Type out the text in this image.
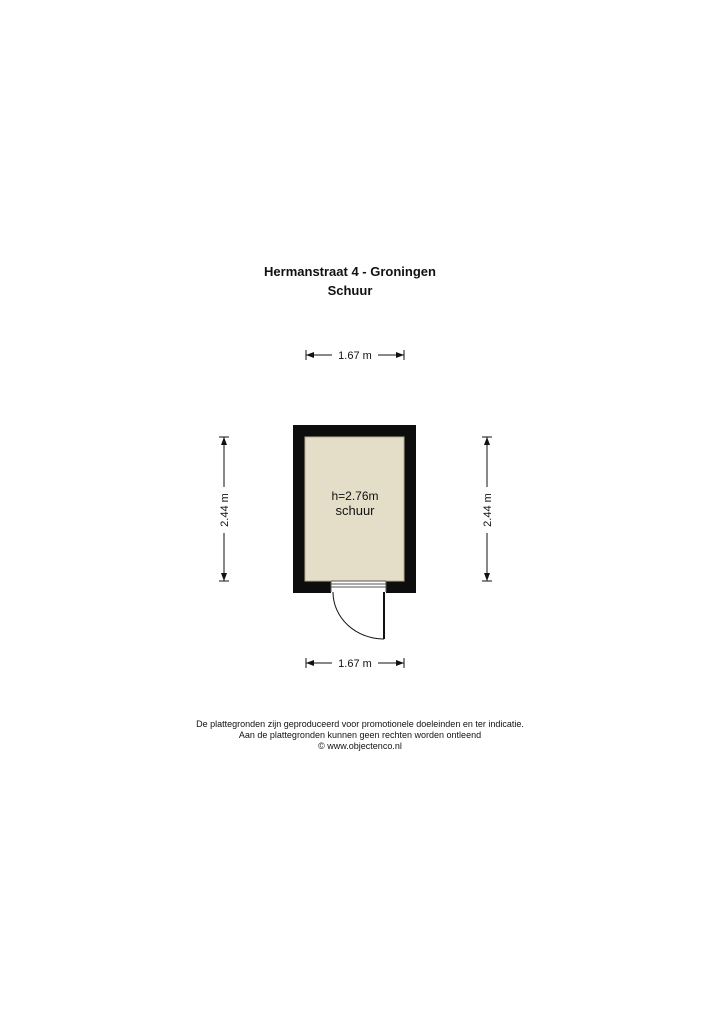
Hermanstraat 4 - Groningen
Schuur
1.67 m
2.44 m	2.44 m
h=2.76m
schuur
1.67 m
De plattegronden zijn geproduceerd voor promotionele doeleinden en ter indicatie.
Aan de plattegronden kunnen geen rechten worden ontleend
© www.objectenco.nl
